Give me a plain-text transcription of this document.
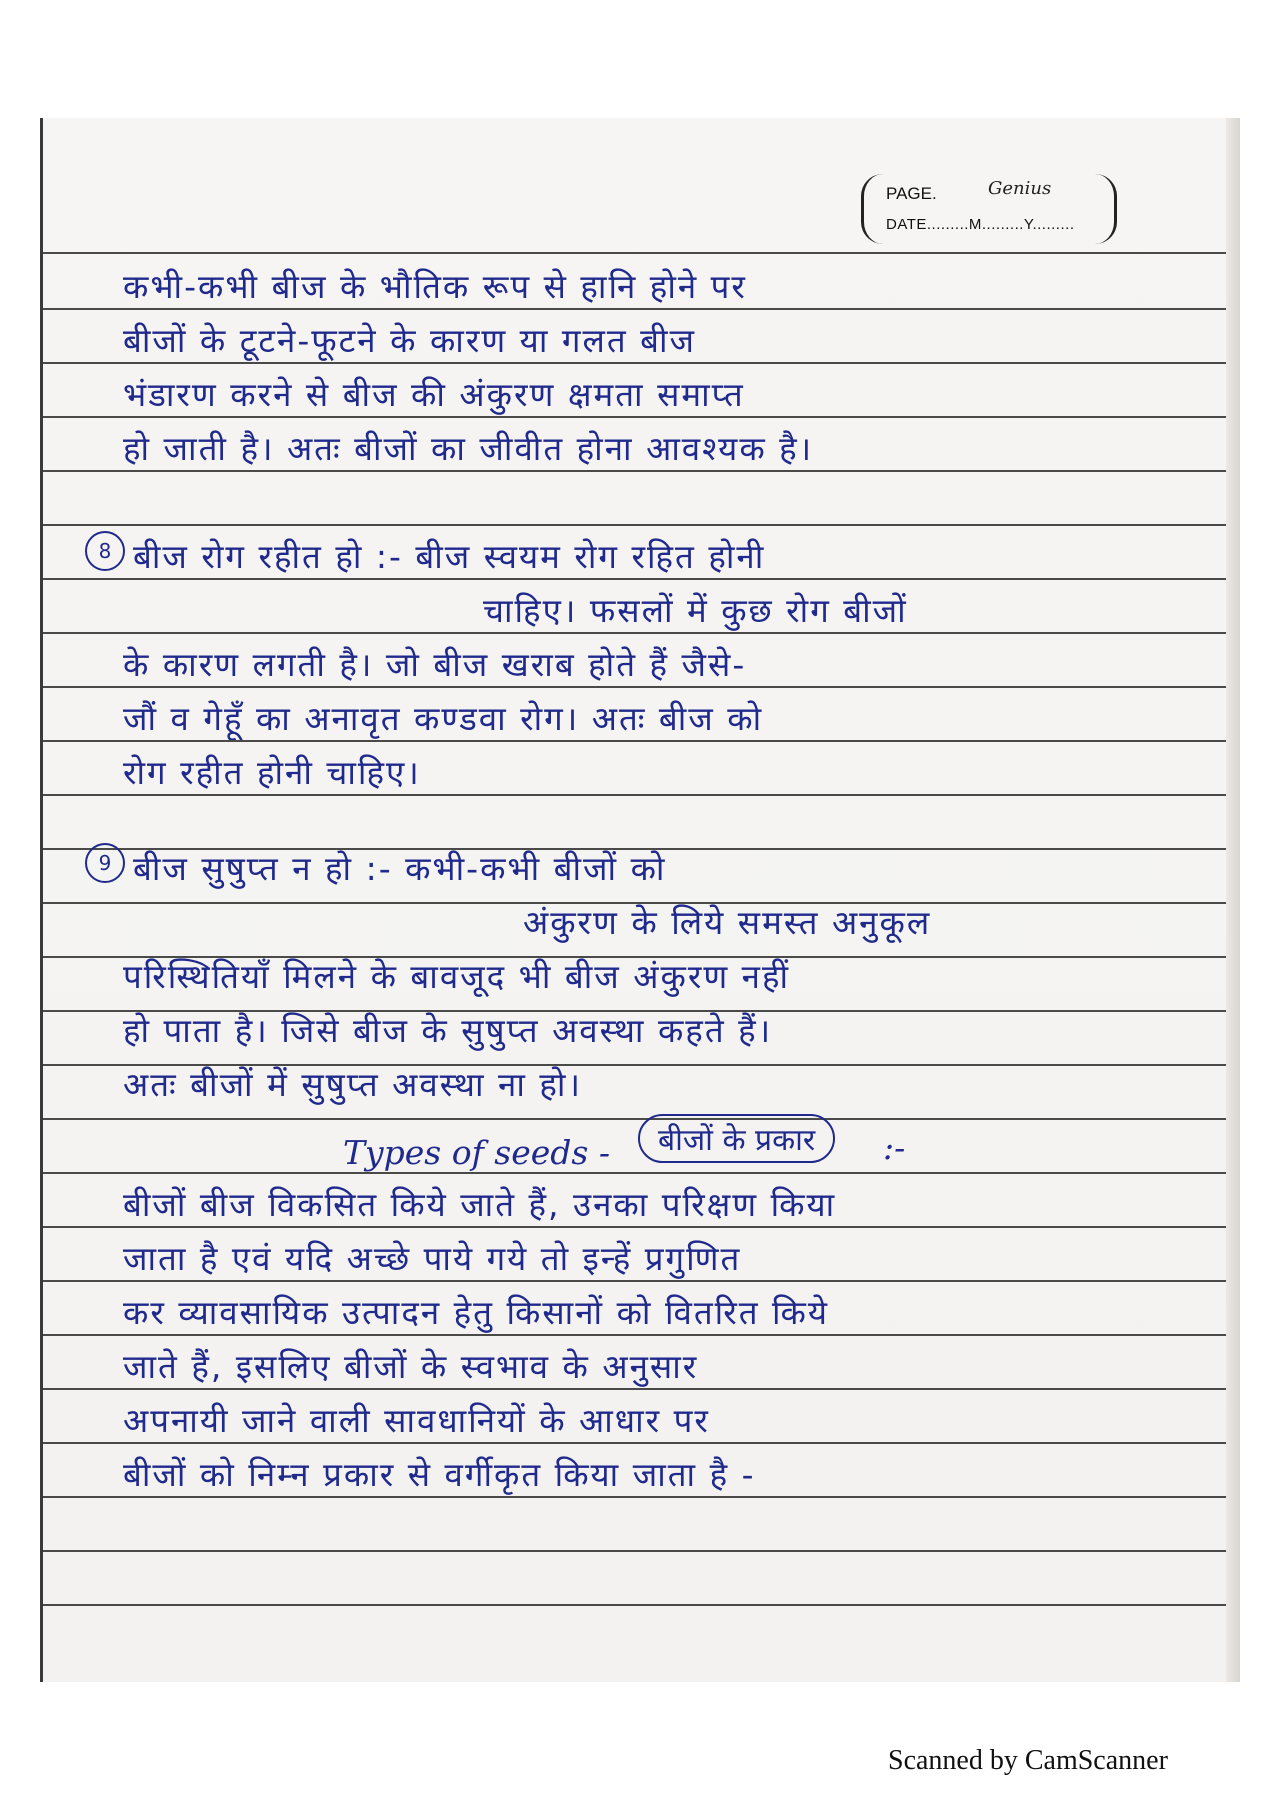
PAGE.	Genius
DATE.........M.........Y.........
कभी-कभी बीज के भौतिक रूप से हानि होने पर
बीजों के टूटने-फूटने के कारण या गलत बीज
भंडारण करने से बीज की अंकुरण क्षमता समाप्त
हो जाती है। अतः बीजों का जीवीत होना आवश्यक है।
8 बीज रोग रहीत हो :- बीज स्वयम रोग रहित होनी
चाहिए। फसलों में कुछ रोग बीजों
के कारण लगती है। जो बीज खराब होते हैं जैसे-
जौं व गेहूँ का अनावृत कण्डवा रोग। अतः बीज को
रोग रहीत होनी चाहिए।
9 बीज सुषुप्त न हो :- कभी-कभी बीजों को
अंकुरण के लिये समस्त अनुकूल
परिस्थितियाँ मिलने के बावजूद भी बीज अंकुरण नहीं
हो पाता है। जिसे बीज के सुषुप्त अवस्था कहते हैं।
अतः बीजों में सुषुप्त अवस्था ना हो।
Types of seeds -	बीजों के प्रकार	:-
बीजों बीज विकसित किये जाते हैं, उनका परिक्षण किया
जाता है एवं यदि अच्छे पाये गये तो इन्हें प्रगुणित
कर व्यावसायिक उत्पादन हेतु किसानों को वितरित किये
जाते हैं, इसलिए बीजों के स्वभाव के अनुसार
अपनायी जाने वाली सावधानियों के आधार पर
बीजों को निम्न प्रकार से वर्गीकृत किया जाता है -
Scanned by CamScanner
